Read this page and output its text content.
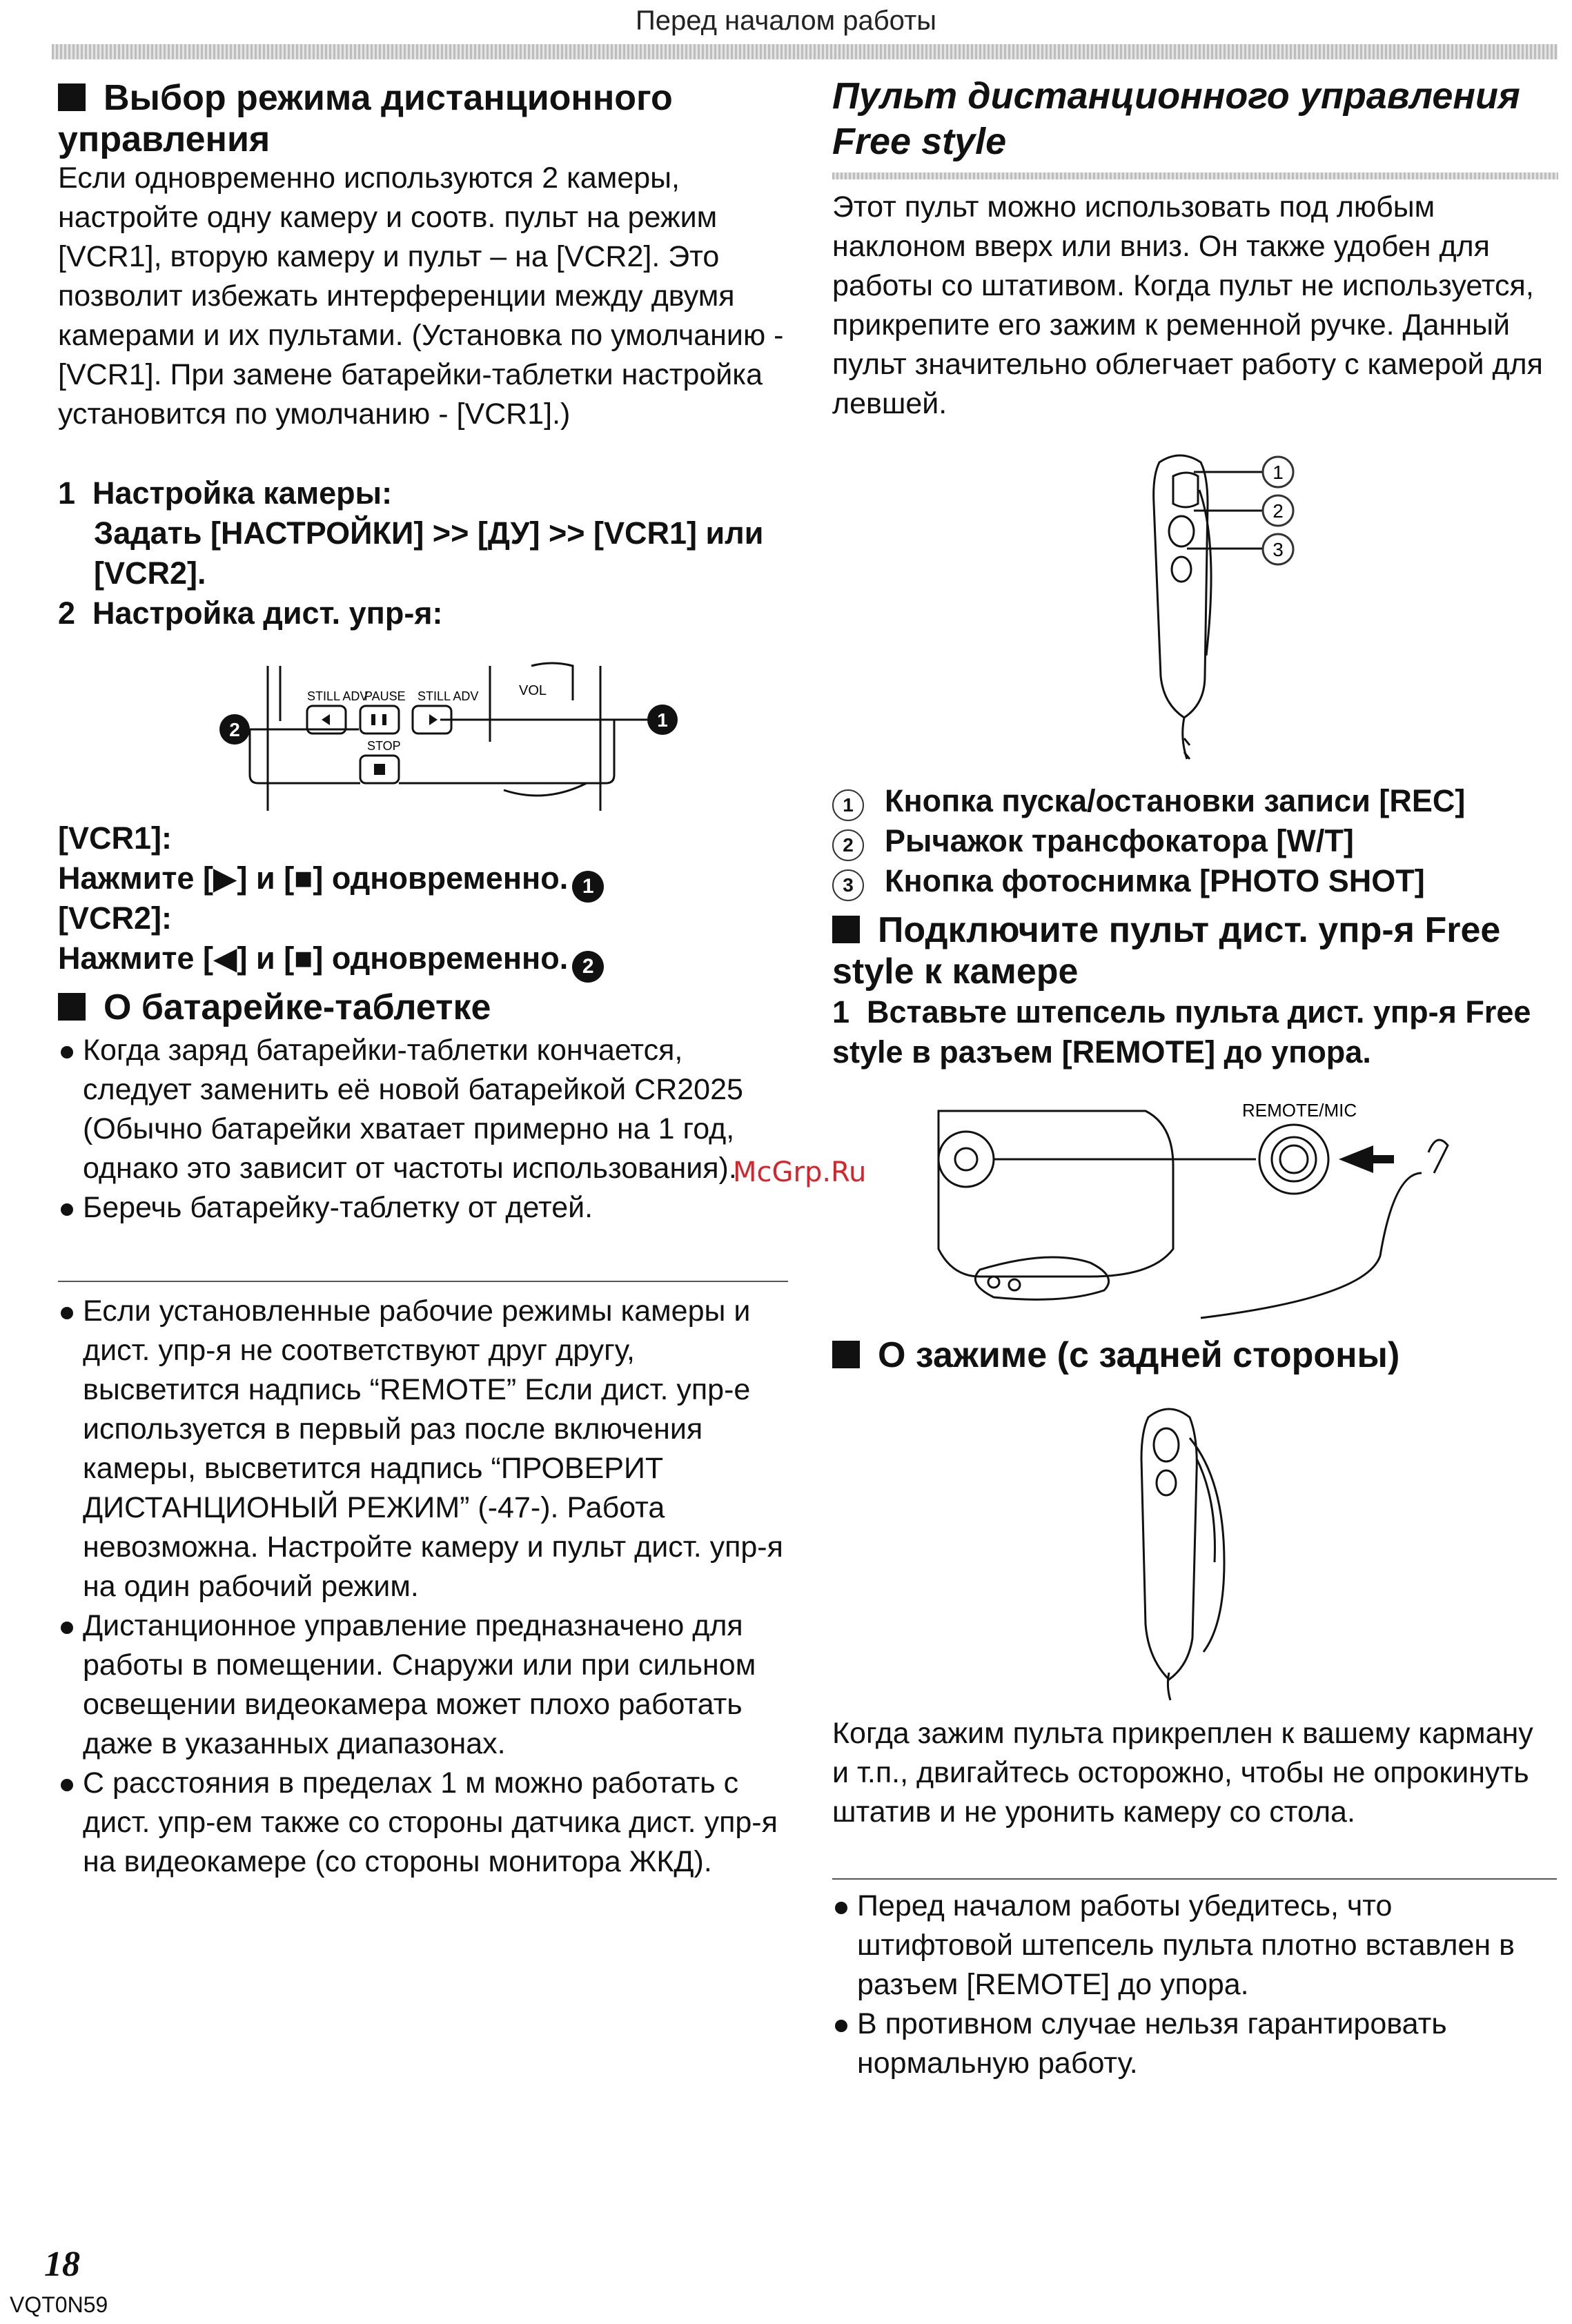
Перед началом работы
Выбор режима дистанционного управления
Если одновременно используются 2 камеры, настройте одну камеру и соотв. пульт на режим [VCR1], вторую камеру и пульт – на [VCR2]. Это позволит избежать интерференции между двумя камерами и их пультами. (Установка по умолчанию - [VCR1]. При замене батарейки-таблетки настройка установится по умолчанию - [VCR1].)
1 Настройка камеры:
Задать [НАСТРОЙКИ] >> [ДУ] >> [VCR1] или [VCR2].
2 Настройка дист. упр-я:
STILL ADV
PAUSE STILL ADV	VOL
STOP
2	1
[VCR1]:
Нажмите [▶] и [■] одновременно. 1
[VCR2]:
Нажмите [◀] и [■] одновременно. 2
О батарейке-таблетке
Когда заряд батарейки-таблетки кончается, следует заменить её новой батарейкой CR2025 (Обычно батарейки хватает примерно на 1 год, однако это зависит от частоты использования).
Беречь батарейку-таблетку от детей.
Если установленные рабочие режимы камеры и дист. упр-я не соответствуют друг другу, высветится надпись “REMOTE” Если дист. упр-е используется в первый раз после включения камеры, высветится надпись “ПРОВЕРИТ ДИСТАНЦИОНЫЙ РЕЖИМ” (-47-). Работа невозможна. Настройте камеру и пульт дист. упр-я на один рабочий режим.
Дистанционное управление предназначено для работы в помещении. Снаружи или при сильном освещении видеокамера может плохо работать даже в указанных диапазонах.
С расстояния в пределах 1 м можно работать с дист. упр-ем также со стороны датчика дист. упр-я на видеокамере (со стороны монитора ЖКД).
McGrp.Ru
Пульт дистанционного управления Free style
Этот пульт можно использовать под любым наклоном вверх или вниз. Он также удобен для работы со штативом. Когда пульт не используется, прикрепите его зажим к ременной ручке. Данный пульт значительно облегчает работу с камерой для левшей.
1
2
3
1 Кнопка пуска/остановки записи [REC]
2 Рычажок трансфокатора [W/T]
3 Кнопка фотоснимка [PHOTO SHOT]
Подключите пульт дист. упр-я Free style к камере
1 Вставьте штепсель пульта дист. упр-я Free style в разъем [REMOTE] до упора.
REMOTE/MIC
О зажиме (с задней стороны)
Когда зажим пульта прикреплен к вашему карману и т.п., двигайтесь осторожно, чтобы не опрокинуть штатив и не уронить камеру со стола.
Перед началом работы убедитесь, что штифтовой штепсель пульта плотно вставлен в разъем [REMOTE] до упора.
В противном случае нельзя гарантировать нормальную работу.
18
VQT0N59
